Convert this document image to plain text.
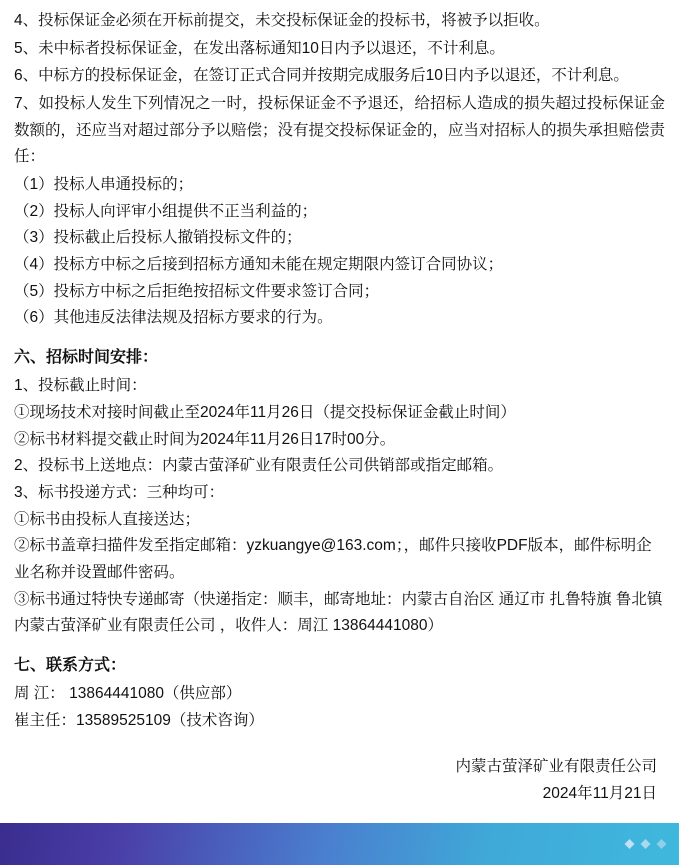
4、投标保证金必须在开标前提交，未交投标保证金的投标书，将被予以拒收。

5、未中标者投标保证金，在发出落标通知10日内予以退还，不计利息。

6、中标方的投标保证金，在签订正式合同并按期完成服务后10日内予以退还，不计利息。

7、如投标人发生下列情况之一时，投标保证金不予退还，给招标人造成的损失超过投标保证金数额的，还应当对超过部分予以赔偿；没有提交投标保证金的，应当对招标人的损失承担赔偿责任：

（1）投标人串通投标的；

（2）投标人向评审小组提供不正当利益的；

（3）投标截止后投标人撤销投标文件的；

（4）投标方中标之后接到招标方通知未能在规定期限内签订合同协议；

（5）投标方中标之后拒绝按招标文件要求签订合同；

（6）其他违反法律法规及招标方要求的行为。

六、招标时间安排：

1、投标截止时间：

①现场技术对接时间截止至2024年11月26日（提交投标保证金截止时间）

②标书材料提交截止时间为2024年11月26日17时00分。

2、投标书上送地点：内蒙古萤泽矿业有限责任公司供销部或指定邮箱。

3、标书投递方式：三种均可：

①标书由投标人直接送达；

②标书盖章扫描件发至指定邮箱：yzkuangye@163.com；，邮件只接收PDF版本，邮件标明企业名称并设置邮件密码。

③标书通过特快专递邮寄（快递指定：顺丰，邮寄地址：内蒙古自治区 通辽市 扎鲁特旗 鲁北镇 内蒙古萤泽矿业有限责任公司 ，收件人：周江 13864441080）

七、联系方式：

周 江： 13864441080（供应部）

崔主任：13589525109（技术咨询）

内蒙古萤泽矿业有限责任公司
2024年11月21日
